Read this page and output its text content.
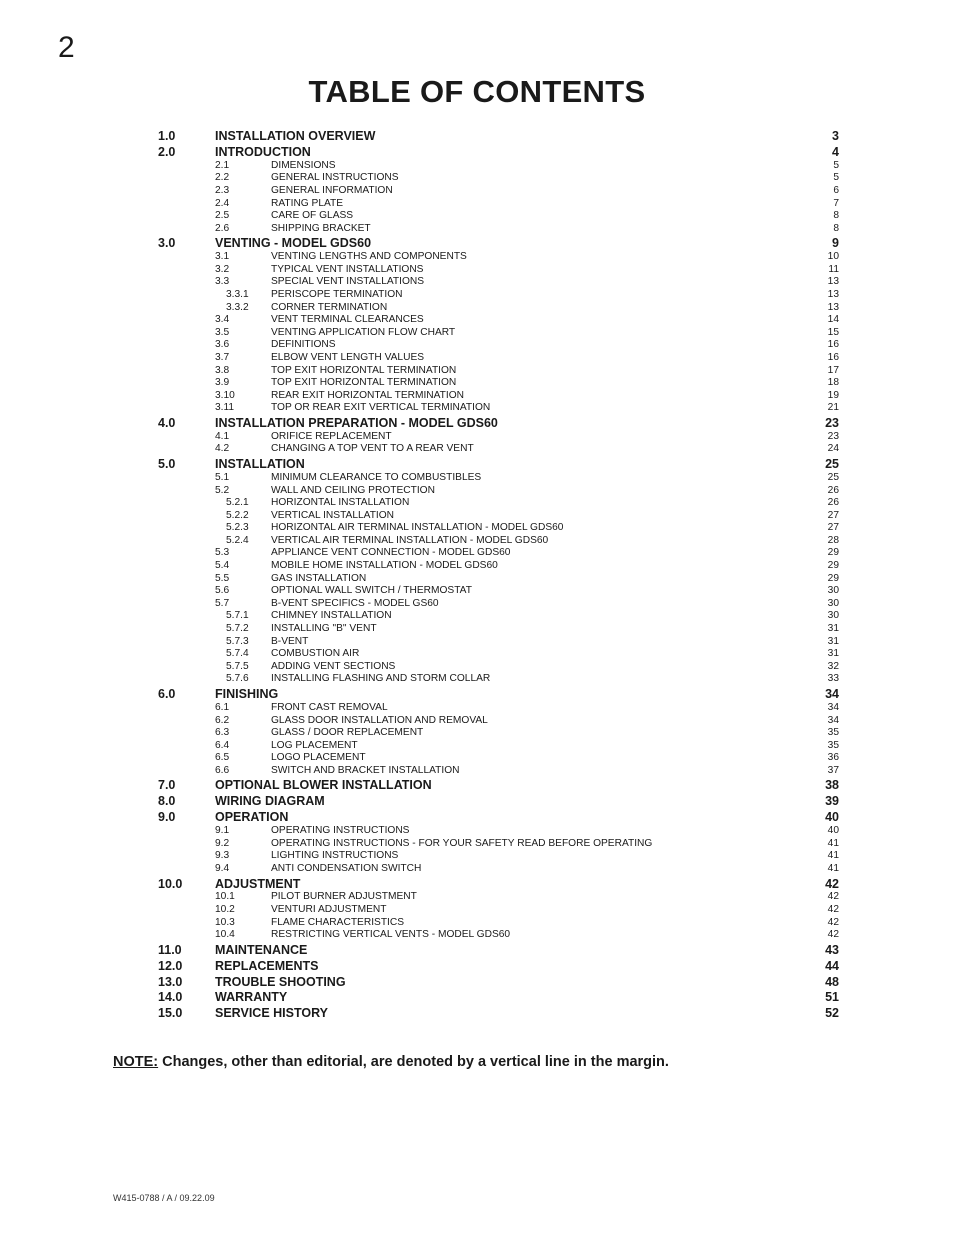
2
TABLE OF CONTENTS
1.0	INSTALLATION OVERVIEW	3
2.0	INTRODUCTION	4
2.1	DIMENSIONS	5
2.2	GENERAL INSTRUCTIONS	5
2.3	GENERAL INFORMATION	6
2.4	RATING PLATE	7
2.5	CARE OF GLASS	8
2.6	SHIPPING BRACKET	8
3.0	VENTING - MODEL GDS60	9
3.1	VENTING LENGTHS AND COMPONENTS	10
3.2	TYPICAL VENT INSTALLATIONS	11
3.3	SPECIAL VENT INSTALLATIONS	13
3.3.1 PERISCOPE TERMINATION	13
3.3.2 CORNER TERMINATION	13
3.4	VENT TERMINAL CLEARANCES	14
3.5	VENTING APPLICATION FLOW CHART	15
3.6	DEFINITIONS	16
3.7	ELBOW VENT LENGTH VALUES	16
3.8	TOP EXIT HORIZONTAL TERMINATION	17
3.9	TOP EXIT HORIZONTAL TERMINATION	18
3.10	REAR EXIT HORIZONTAL TERMINATION	19
3.11	TOP OR REAR EXIT VERTICAL TERMINATION	21
4.0	INSTALLATION PREPARATION - MODEL GDS60	23
4.1	ORIFICE REPLACEMENT	23
4.2	CHANGING A TOP VENT TO A REAR VENT	24
5.0	INSTALLATION	25
5.1	MINIMUM CLEARANCE TO COMBUSTIBLES	25
5.2	WALL AND CEILING PROTECTION	26
5.2.1 HORIZONTAL INSTALLATION	26
5.2.2 VERTICAL INSTALLATION	27
5.2.3 HORIZONTAL AIR TERMINAL INSTALLATION - MODEL GDS60	27
5.2.4 VERTICAL AIR TERMINAL INSTALLATION - MODEL GDS60	28
5.3	APPLIANCE VENT CONNECTION - MODEL GDS60	29
5.4	MOBILE HOME INSTALLATION - MODEL GDS60	29
5.5	GAS INSTALLATION	29
5.6	OPTIONAL WALL SWITCH / THERMOSTAT	30
5.7	B-VENT SPECIFICS - MODEL GS60	30
5.7.1 CHIMNEY INSTALLATION	30
5.7.2 INSTALLING "B" VENT	31
5.7.3 B-VENT	31
5.7.4 COMBUSTION AIR	31
5.7.5 ADDING VENT SECTIONS	32
5.7.6 INSTALLING FLASHING AND STORM COLLAR	33
6.0	FINISHING	34
6.1	FRONT CAST REMOVAL	34
6.2	GLASS DOOR INSTALLATION AND REMOVAL	34
6.3	GLASS / DOOR REPLACEMENT	35
6.4	LOG PLACEMENT	35
6.5	LOGO PLACEMENT	36
6.6	SWITCH AND BRACKET INSTALLATION	37
7.0	OPTIONAL BLOWER INSTALLATION	38
8.0	WIRING DIAGRAM	39
9.0	OPERATION	40
9.1	OPERATING INSTRUCTIONS	40
9.2	OPERATING INSTRUCTIONS - FOR YOUR SAFETY READ BEFORE OPERATING	41
9.3	LIGHTING INSTRUCTIONS	41
9.4	ANTI CONDENSATION SWITCH	41
10.0	ADJUSTMENT	42
10.1	PILOT BURNER ADJUSTMENT	42
10.2	VENTURI ADJUSTMENT	42
10.3	FLAME CHARACTERISTICS	42
10.4	RESTRICTING VERTICAL VENTS - MODEL GDS60	42
11.0	MAINTENANCE	43
12.0	REPLACEMENTS	44
13.0	TROUBLE SHOOTING	48
14.0	WARRANTY	51
15.0	SERVICE HISTORY	52
NOTE: Changes, other than editorial, are denoted by a vertical line in the margin.
W415-0788 / A / 09.22.09
